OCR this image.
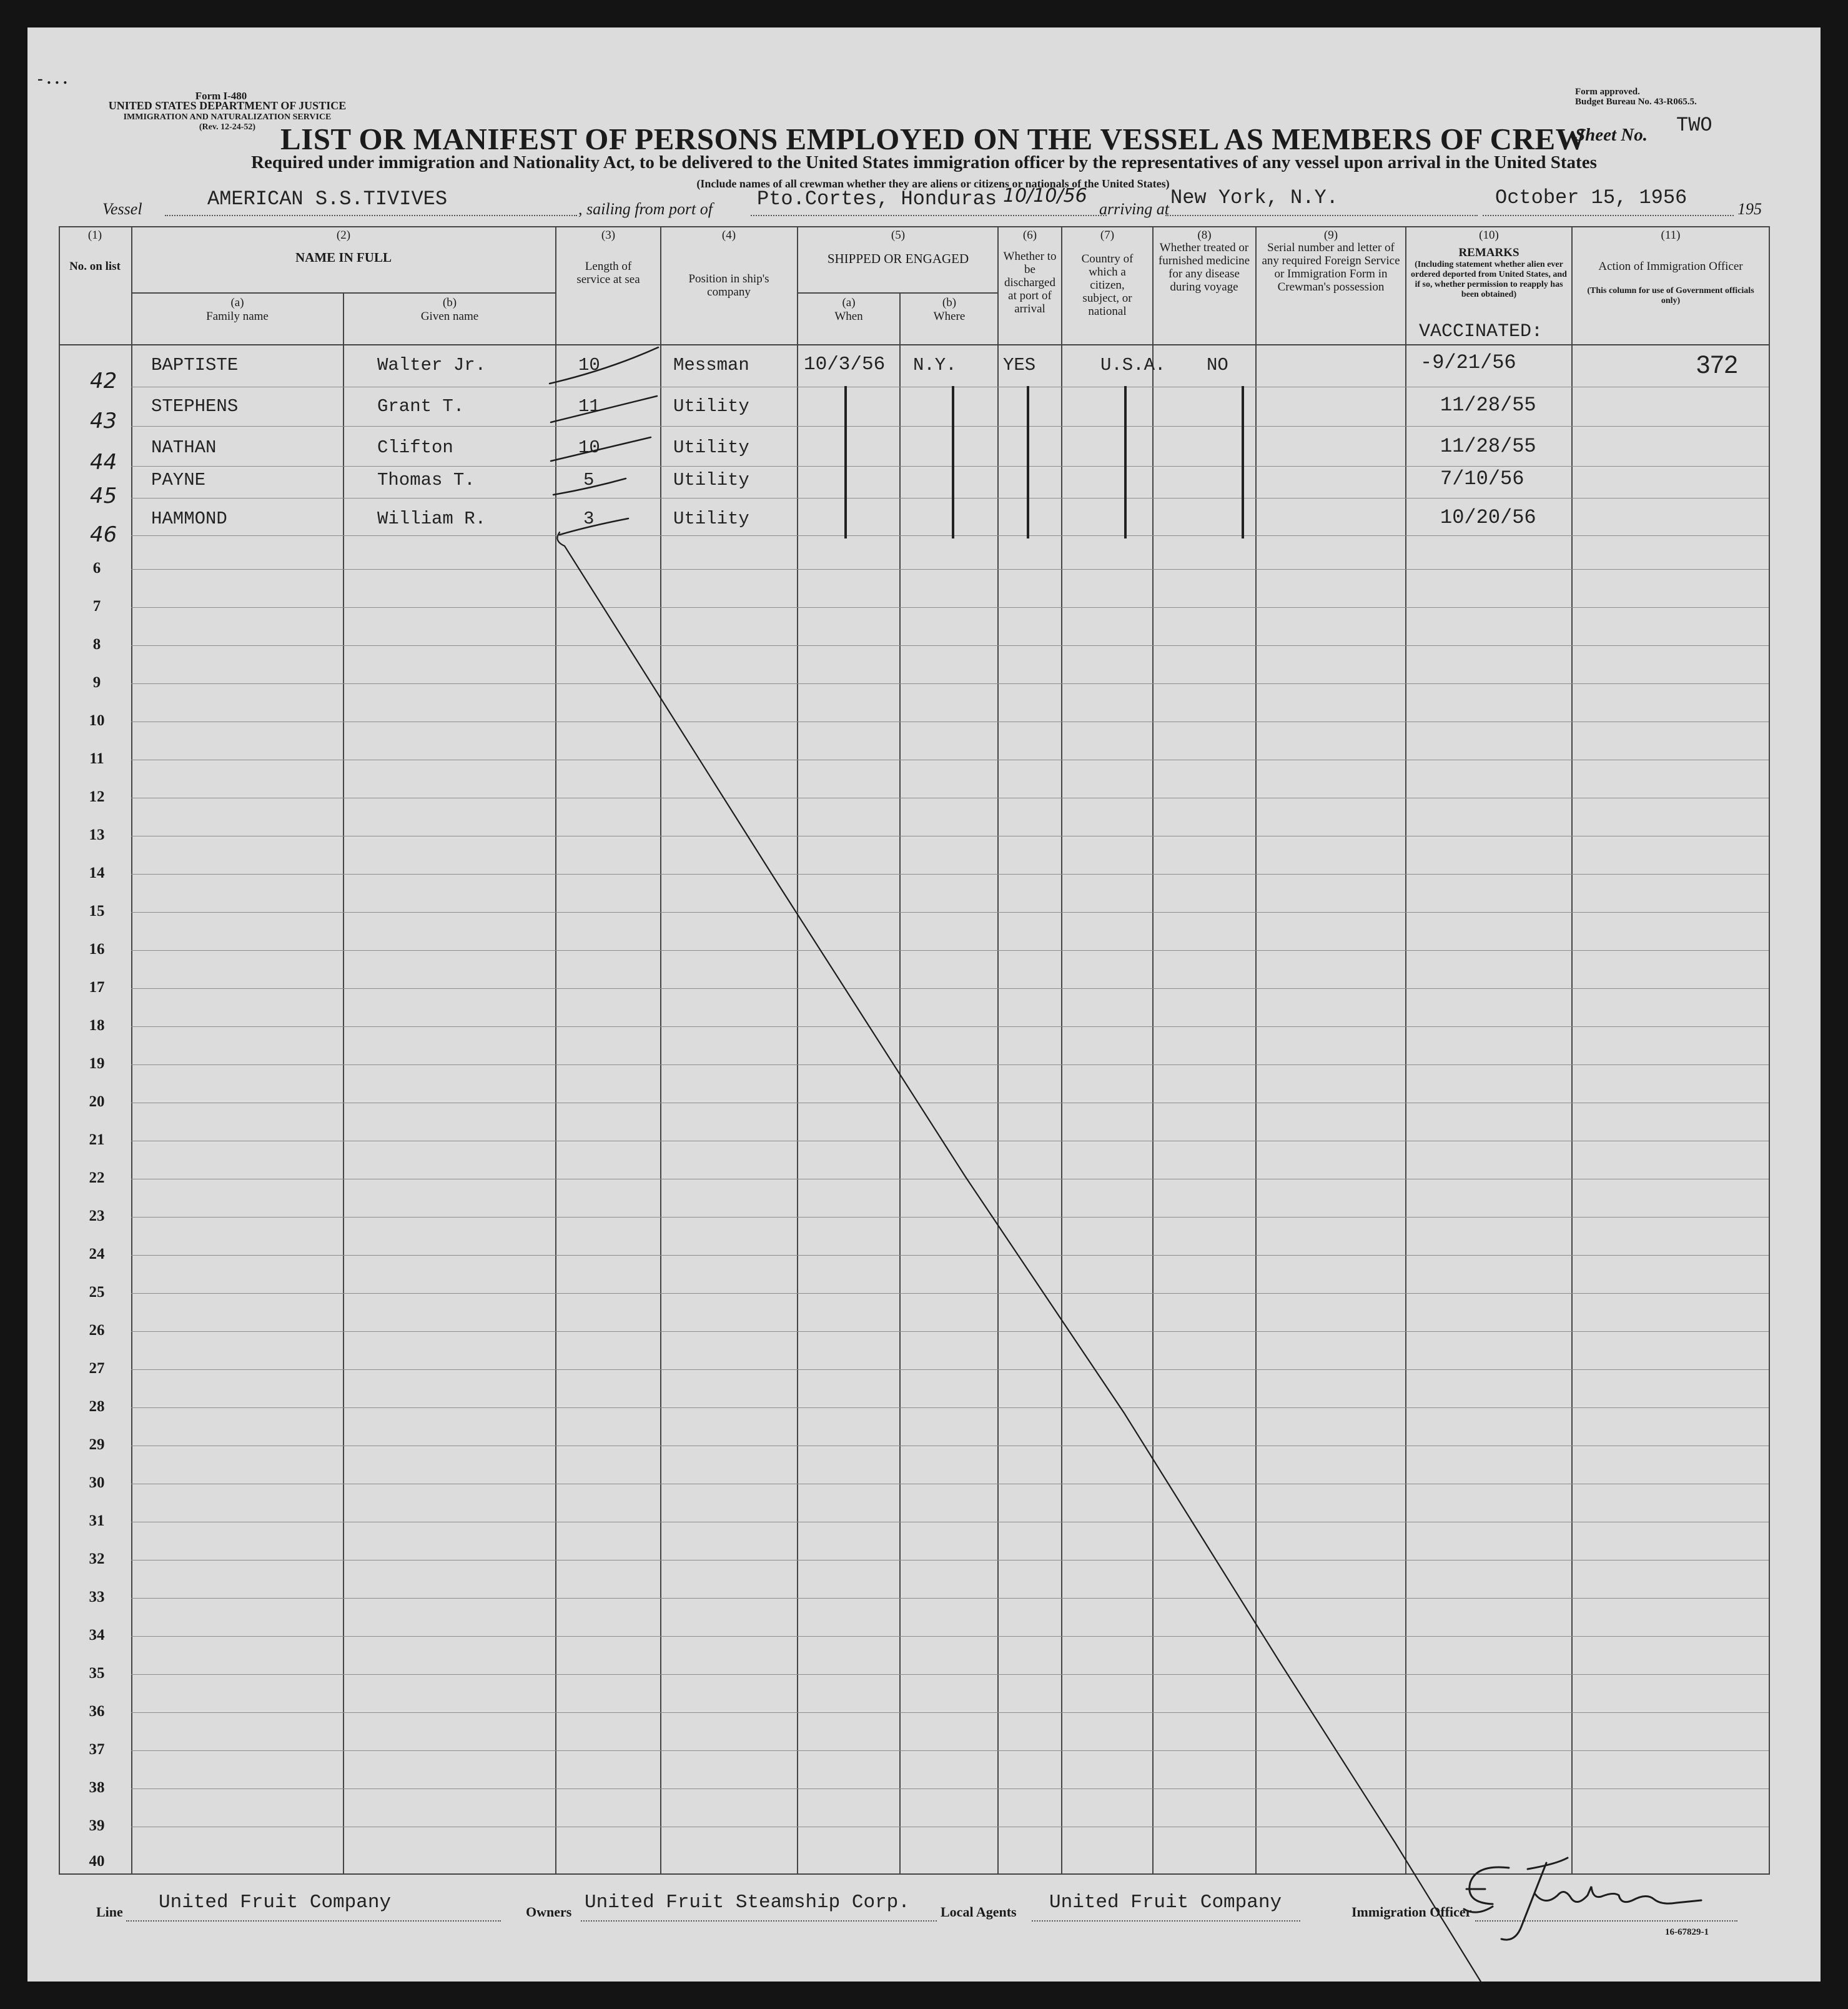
- . . .
Form I-480
UNITED STATES DEPARTMENT OF JUSTICE
IMMIGRATION AND NATURALIZATION SERVICE
(Rev. 12-24-52)
Form approved.
Budget Bureau No. 43-R065.5.
LIST OR MANIFEST OF PERSONS EMPLOYED ON THE VESSEL AS MEMBERS OF CREW
Sheet No. TWO
Required under immigration and Nationality Act, to be delivered to the United States immigration officer by the representatives of any vessel upon arrival in the United States
(Include names of all crewman whether they are aliens or citizens or nationals of the United States)
Vessel	AMERICAN S.S.TIVIVES	, sailing from port of Pto.Cortes, Honduras 10/10/56
arriving at New York, N.Y.	October 15, 1956	195
(1)
No. on list
(2)
NAME IN FULL
(a)
Family name
(b)
Given name
(3)
Length of service at sea
(4)
Position in ship's company
(5)
SHIPPED OR ENGAGED
(a)
When
(b)
Where
(6)
Whether to be discharged at port of arrival
(7)
Country of which a citizen, subject, or national
(8)
Whether treated or furnished medicine for any disease during voyage
(9)
Serial number and letter of any required Foreign Service or Immigration Form in Crewman's possession
(10)
REMARKS
(Including statement whether alien ever ordered deported from United States, and if so, whether permission to reapply has been obtained)
(11)
Action of Immigration Officer
(This column for use of Government officials only)
VACCINATED:
42
BAPTISTE	Walter Jr.	10	Messman	10/3/56 N.Y.	YES	U.S.A. NO	-9/21/56	372
43
STEPHENS	Grant T.	11	Utility	11/28/55
44
NATHAN	Clifton	10	Utility	11/28/55
45
PAYNE	Thomas T.	5	Utility	7/10/56
46
HAMMOND	William R.	3	Utility	10/20/56
6
7
8
9
10
11
12
13
14
15
16
17
18
19
20
21
22
23
24
25
26
27
28
29
30
31
32
33
34
35
36
37
38
39
40
Line United Fruit Company	Owners United Fruit Steamship Corp. Local Agents United Fruit Company	Immigration Officer
16-67829-1
